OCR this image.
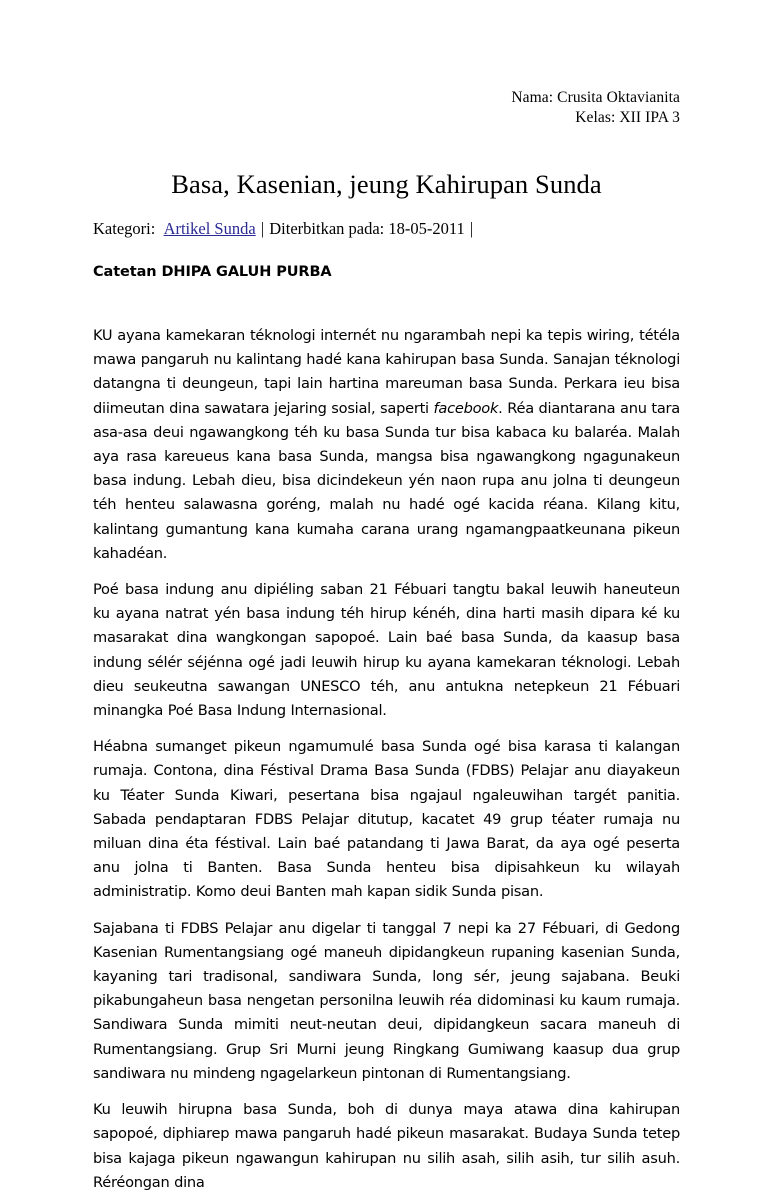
Nama: Crusita Oktavianita
Kelas: XII IPA 3
Basa, Kasenian, jeung Kahirupan Sunda
Kategori: Artikel Sunda | Diterbitkan pada: 18-05-2011 |
Catetan DHIPA GALUH PURBA

KU ayana kamekaran téknologi internét nu ngarambah nepi ka tepis wiring, tétéla mawa pangaruh nu kalintang hadé kana kahirupan basa Sunda. Sanajan téknologi datangna ti deungeun, tapi lain hartina mareuman basa Sunda. Perkara ieu bisa diimeutan dina sawatara jejaring sosial, saperti facebook. Réa diantarana anu tara asa-asa deui ngawangkong téh ku basa Sunda tur bisa kabaca ku balaréa. Malah aya rasa kareueus kana basa Sunda, mangsa bisa ngawangkong ngagunakeun basa indung. Lebah dieu, bisa dicindekeun yén naon rupa anu jolna ti deungeun téh henteu salawasna goréng, malah nu hadé ogé kacida réana. Kilang kitu, kalintang gumantung kana kumaha carana urang ngamangpaatkeunana pikeun kahadéan.

Poé basa indung anu dipiéling saban 21 Fébuari tangtu bakal leuwih haneuteun ku ayana natrat yén basa indung téh hirup kénéh, dina harti masih dipara ké ku masarakat dina wangkongan sapopoé. Lain baé basa Sunda, da kaasup basa indung sélér séjénna ogé jadi leuwih hirup ku ayana kamekaran téknologi. Lebah dieu seukeutna sawangan UNESCO téh, anu antukna netepkeun 21 Fébuari minangka Poé Basa Indung Internasional.

Héabna sumanget pikeun ngamumulé basa Sunda ogé bisa karasa ti kalangan rumaja. Contona, dina Féstival Drama Basa Sunda (FDBS) Pelajar anu diayakeun ku Téater Sunda Kiwari, pesertana bisa ngajaul ngaleuwihan targét panitia. Sabada pendaptaran FDBS Pelajar ditutup, kacatet 49 grup téater rumaja nu miluan dina éta féstival. Lain baé patandang ti Jawa Barat, da aya ogé peserta anu jolna ti Banten. Basa Sunda henteu bisa dipisahkeun ku wilayah administratip. Komo deui Banten mah kapan sidik Sunda pisan.

Sajabana ti FDBS Pelajar anu digelar ti tanggal 7 nepi ka 27 Fébuari, di Gedong Kasenian Rumentangsiang ogé maneuh dipidangkeun rupaning kasenian Sunda, kayaning tari tradisonal, sandiwara Sunda, long sér, jeung sajabana. Beuki pikabungaheun basa nengetan personilna leuwih réa didominasi ku kaum rumaja. Sandiwara Sunda mimiti neut-neutan deui, dipidangkeun sacara maneuh di Rumentangsiang. Grup Sri Murni jeung Ringkang Gumiwang kaasup dua grup sandiwara nu mindeng ngagelarkeun pintonan di Rumentangsiang.

Ku leuwih hirupna basa Sunda, boh di dunya maya atawa dina kahirupan sapopoé, diphiarep mawa pangaruh hadé pikeun masarakat. Budaya Sunda tetep bisa kajaga pikeun ngawangun kahirupan nu silih asah, silih asih, tur silih asuh. Réréongan dina
